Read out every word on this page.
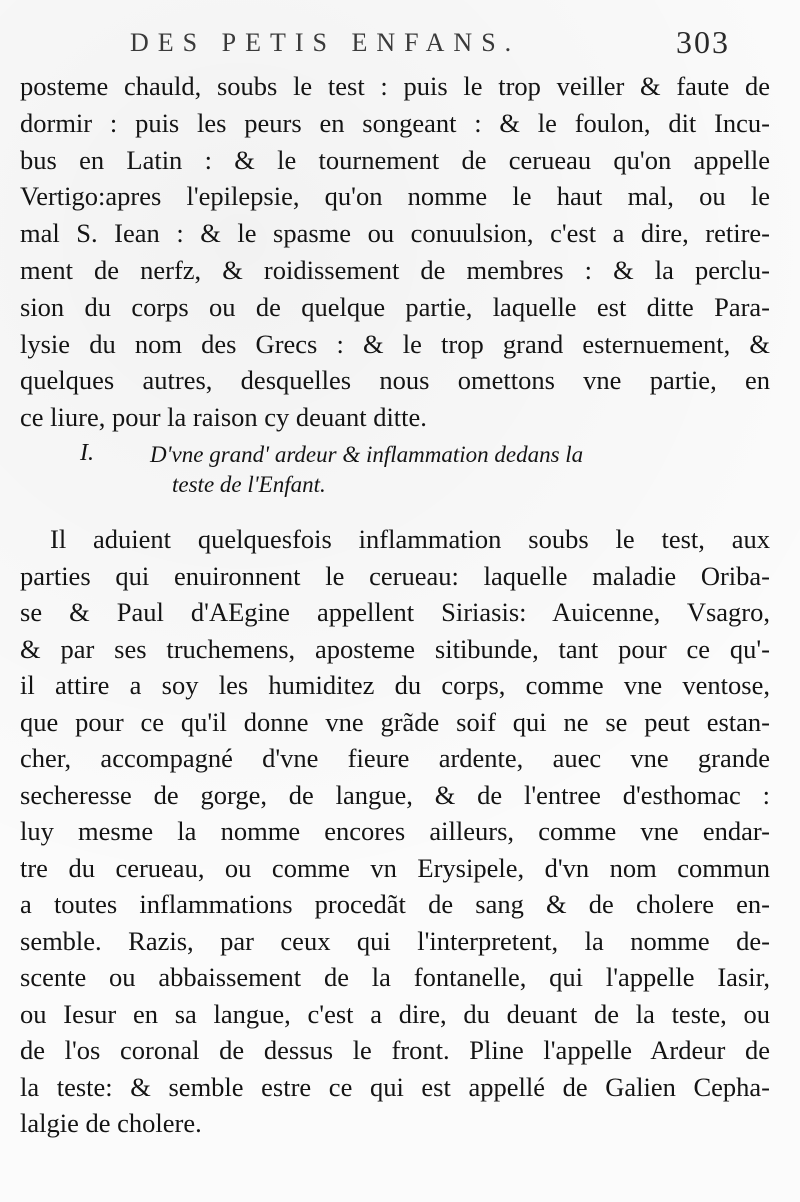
DES PETIS ENFANS.	303
posteme chauld, soubs le test : puis le trop veiller & faute de
dormir : puis les peurs en songeant : & le foulon, dit Incu-
bus en Latin : & le tournement de cerueau qu'on appelle
Vertigo:apres l'epilepsie, qu'on nomme le haut mal, ou le
mal S. Iean : & le spasme ou conuulsion, c'est a dire, retire-
ment de nerfz, & roidissement de membres : & la perclu-
sion du corps ou de quelque partie, laquelle est ditte Para-
lysie du nom des Grecs : & le trop grand esternuement, &
quelques autres, desquelles nous omettons vne partie, en
ce liure, pour la raison cy deuant ditte.
I. D'vne grand' ardeur & inflammation dedans la
teste de l'Enfant.
Il aduient quelquesfois inflammation soubs le test, aux
parties qui enuironnent le cerueau: laquelle maladie Oriba-
se & Paul d'AEgine appellent Siriasis: Auicenne, Vsagro,
& par ses truchemens, aposteme sitibunde, tant pour ce qu'-
il attire a soy les humiditez du corps, comme vne ventose,
que pour ce qu'il donne vne grãde soif qui ne se peut estan-
cher, accompagné d'vne fieure ardente, auec vne grande
secheresse de gorge, de langue, & de l'entree d'esthomac :
luy mesme la nomme encores ailleurs, comme vne endar-
tre du cerueau, ou comme vn Erysipele, d'vn nom commun
a toutes inflammations procedãt de sang & de cholere en-
semble. Razis, par ceux qui l'interpretent, la nomme de-
scente ou abbaissement de la fontanelle, qui l'appelle Iasir,
ou Iesur en sa langue, c'est a dire, du deuant de la teste, ou
de l'os coronal de dessus le front. Pline l'appelle Ardeur de
la teste: & semble estre ce qui est appellé de Galien Cepha-
lalgie de cholere.
